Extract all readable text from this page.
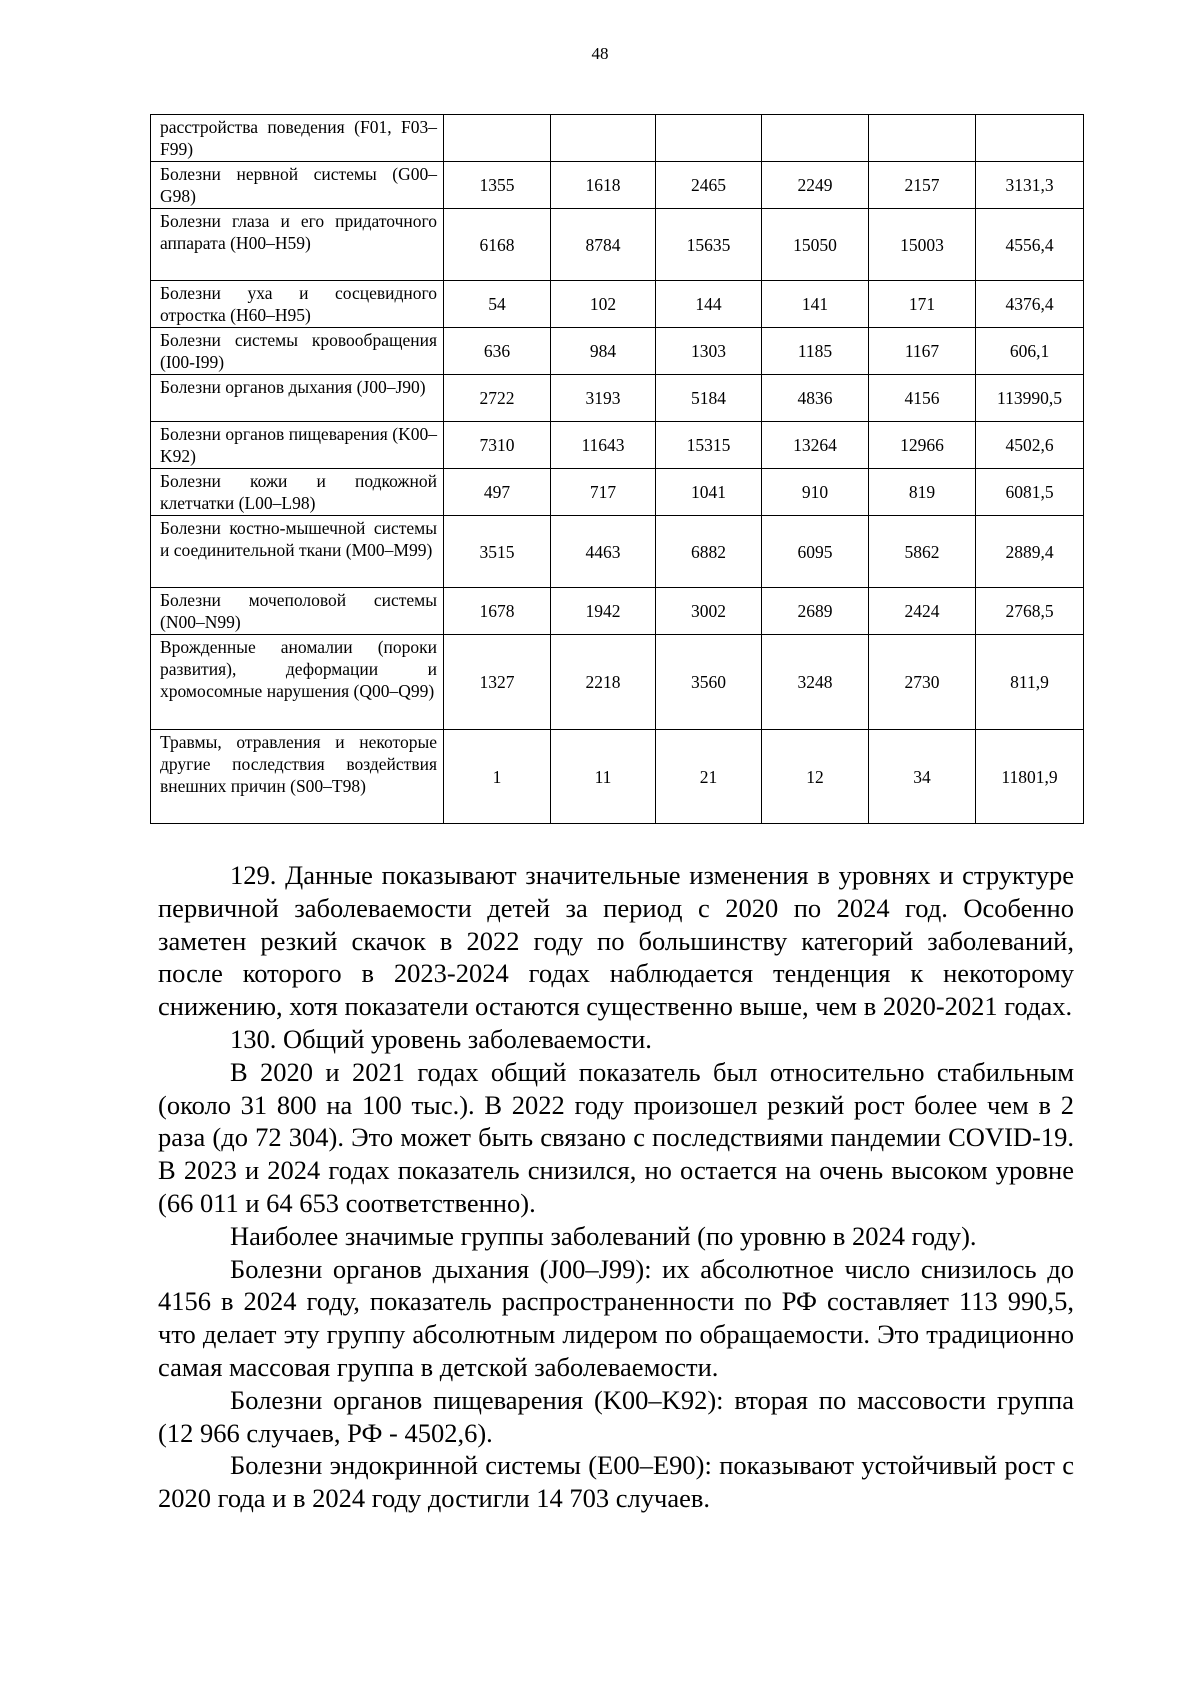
48
расстройства поведения (F01, F03–F99)						
Болезни нервной системы (G00–G98)	1355	1618	2465	2249	2157	3131,3
Болезни глаза и его придаточного аппарата (H00–H59)	6168	8784	15635	15050	15003	4556,4
Болезни уха и сосцевидного отростка (H60–H95)	54	102	144	141	171	4376,4
Болезни системы кровообращения (I00-I99)	636	984	1303	1185	1167	606,1
Болезни органов дыхания (J00–J90)	2722	3193	5184	4836	4156	113990,5
Болезни органов пищеварения (K00–K92)	7310	11643	15315	13264	12966	4502,6
Болезни кожи и подкожной клетчатки (L00–L98)	497	717	1041	910	819	6081,5
Болезни костно-мышечной системы и соединительной ткани (M00–M99)	3515	4463	6882	6095	5862	2889,4
Болезни мочеполовой системы (N00–N99)	1678	1942	3002	2689	2424	2768,5
Врожденные аномалии (пороки развития), деформации и хромосомные нарушения (Q00–Q99)	1327	2218	3560	3248	2730	811,9
Травмы, отравления и некоторые другие последствия воздействия внешних причин (S00–T98)	1	11	21	12	34	11801,9

129. Данные показывают значительные изменения в уровнях и структуре первичной заболеваемости детей за период с 2020 по 2024 год. Особенно заметен резкий скачок в 2022 году по большинству категорий заболеваний, после которого в 2023-2024 годах наблюдается тенденция к некоторому снижению, хотя показатели остаются существенно выше, чем в 2020-2021 годах.

130. Общий уровень заболеваемости.

В 2020 и 2021 годах общий показатель был относительно стабильным (около 31 800 на 100 тыс.). В 2022 году произошел резкий рост более чем в 2 раза (до 72 304). Это может быть связано с последствиями пандемии COVID-19. В 2023 и 2024 годах показатель снизился, но остается на очень высоком уровне (66 011 и 64 653 соответственно).

Наиболее значимые группы заболеваний (по уровню в 2024 году).

Болезни органов дыхания (J00–J99): их абсолютное число снизилось до 4156 в 2024 году, показатель распространенности по РФ составляет 113 990,5, что делает эту группу абсолютным лидером по обращаемости. Это традиционно самая массовая группа в детской заболеваемости.

Болезни органов пищеварения (K00–K92): вторая по массовости группа (12 966 случаев, РФ - 4502,6).

Болезни эндокринной системы (E00–E90): показывают устойчивый рост с 2020 года и в 2024 году достигли 14 703 случаев.
